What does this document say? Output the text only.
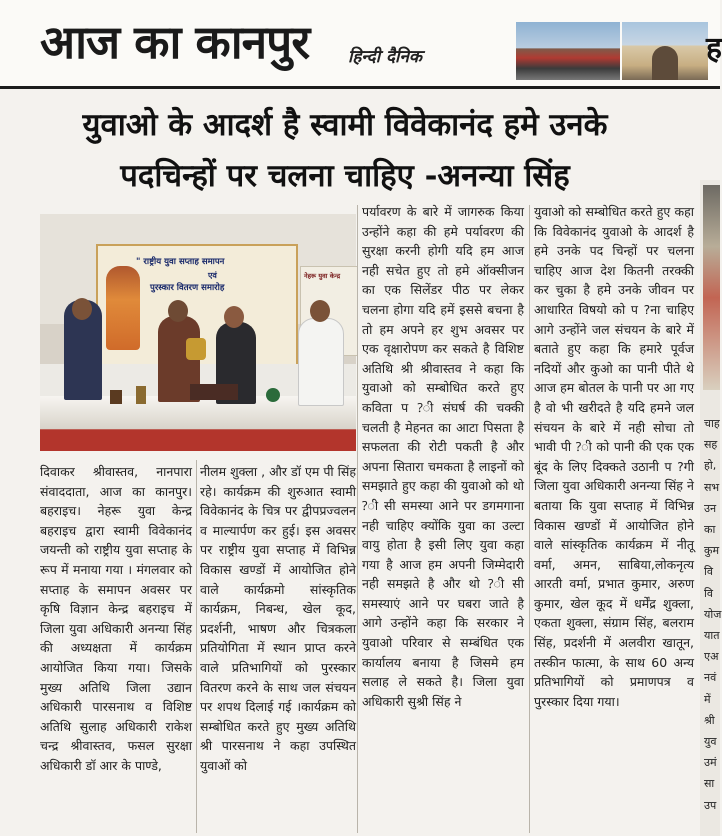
आज का कानपुर हिन्दी दैनिक	ह
युवाओ के आदर्श है स्वामी विवेकानंद हमे उनके
पदचिन्हों पर चलना चाहिए -अनन्या सिंह
चाह
सह
हो,
सभ
उन
का
कुम
वि
वि
योज
यात
एअ
नवं
में
श्री
युव
उमं
सा
उप
" राष्ट्रीय युवा सप्ताह समापन
एवं
पुरस्कार वितरण समारोह
नेहरू युवा केन्द्र

दिवाकर श्रीवास्तव, नानपारा संवाददाता, आज का कानपुर। बहराइच। नेहरू युवा केन्द्र बहराइच द्वारा स्वामी विवेकानंद जयन्ती को राष्ट्रीय युवा सप्ताह के रूप में मनाया गया । मंगलवार को सप्ताह के समापन अवसर पर कृषि विज्ञान केन्द्र बहराइच में जिला युवा अधिकारी अनन्या सिंह की अध्यक्षता में कार्यक्रम आयोजित किया गया। जिसके मुख्य अतिथि जिला उद्यान अधिकारी पारसनाथ व विशिष्ट अतिथि सुलाह अधिकारी राकेश चन्द्र श्रीवास्तव, फसल सुरक्षा अधिकारी डॉ आर के पाण्डे,

नीलम शुक्ला , और डॉ एम पी सिंह रहे। कार्यक्रम की शुरुआत स्वामी विवेकानंद के चित्र पर द्वीपप्रज्वलन व माल्यार्पण कर हुई। इस अवसर पर राष्ट्रीय युवा सप्ताह में विभिन्न विकास खण्डों में आयोजित होने वाले कार्यक्रमो सांस्कृतिक कार्यक्रम, निबन्ध, खेल कूद, प्रदर्शनी, भाषण और चित्रकला प्रतियोगिता में स्थान प्राप्त करने वाले प्रतिभागियों को पुरस्कार वितरण करने के साथ जल संचयन पर शपथ दिलाई गई ।कार्यक्रम को सम्बोधित करते हुए मुख्य अतिथि श्री पारसनाथ ने कहा उपस्थित युवाओं को

पर्यावरण के बारे में जागरुक किया उन्होंने कहा की हमे पर्यावरण की सुरक्षा करनी होगी यदि हम आज नही सचेत हुए तो हमे ऑक्सीजन का एक सिलेंडर पीठ पर लेकर चलना होगा यदि हमें इससे बचना है तो हम अपने हर शुभ अवसर पर एक वृक्षारोपण कर सकते है विशिष्ट अतिथि श्री श्रीवास्तव ने कहा कि युवाओ को सम्बोधित करते हुए कविता प ?ी संघर्ष की चक्की चलती है मेहनत का आटा पिसता है सफलता की रोटी पकती है और अपना सितारा चमकता है लाइनों को समझाते हुए कहा की युवाओ को थो ?ी सी समस्या आने पर डगमगाना नही चाहिए क्योंकि युवा का उल्टा वायु होता है इसी लिए युवा कहा गया है आज हम अपनी जिम्मेदारी नही समझते है और थो ?ी सी समस्याएं आने पर घबरा जाते है आगे उन्होंने कहा कि सरकार ने युवाओ परिवार से सम्बंधित एक कार्यालय बनाया है जिसमे हम सलाह ले सकते है। जिला युवा अधिकारी सुश्री सिंह ने

युवाओ को सम्बोधित करते हुए कहा कि विवेकानंद युवाओ के आदर्श है हमे उनके पद चिन्हों पर चलना चाहिए आज देश कितनी तरक्की कर चुका है हमे उनके जीवन पर आधारित विषयो को प ?ना चाहिए आगे उन्होंने जल संचयन के बारे में बताते हुए कहा कि हमारे पूर्वज नदियों और कुओ का पानी पीते थे आज हम बोतल के पानी पर आ गए है वो भी खरीदते है यदि हमने जल संचयन के बारे में नही सोचा तो भावी पी ?ी को पानी की एक एक बूंद के लिए दिक्कते उठानी प ?गी जिला युवा अधिकारी अनन्या सिंह ने बताया कि युवा सप्ताह में विभिन्न विकास खण्डों में आयोजित होने वाले सांस्कृतिक कार्यक्रम में नीतू वर्मा, अमन, साबिया,लोकनृत्य आरती वर्मा, प्रभात कुमार, अरुण कुमार, खेल कूद में धर्मेंद्र शुक्ला, एकता शुक्ला, संग्राम सिंह, बलराम सिंह, प्रदर्शनी में अलवीरा खातून, तस्कीन फात्मा, के साथ 60 अन्य प्रतिभागियों को प्रमाणपत्र व पुरस्कार दिया गया।
